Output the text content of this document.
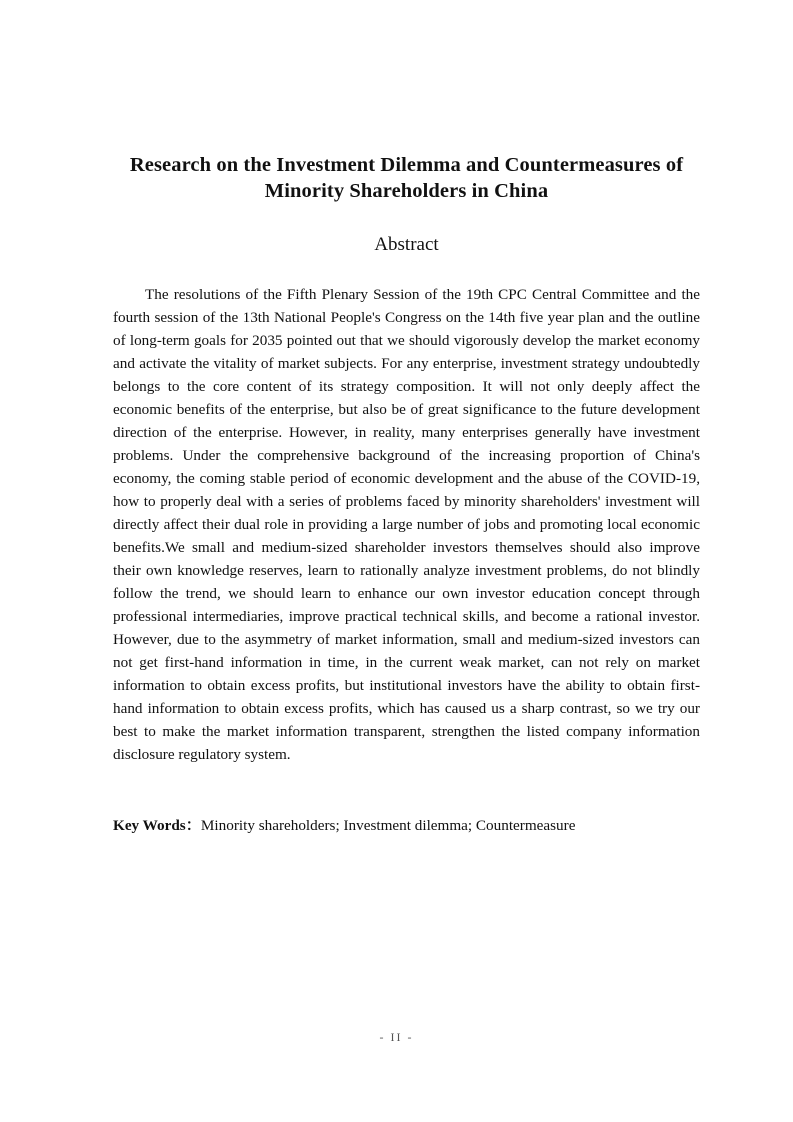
Research on the Investment Dilemma and Countermeasures of
Minority Shareholders in China
Abstract

The resolutions of the Fifth Plenary Session of the 19th CPC Central Committee and the fourth session of the 13th National People's Congress on the 14th five year plan and the outline of long-term goals for 2035 pointed out that we should vigorously develop the market economy and activate the vitality of market subjects. For any enterprise, investment strategy undoubtedly belongs to the core content of its strategy composition. It will not only deeply affect the economic benefits of the enterprise, but also be of great significance to the future development direction of the enterprise. However, in reality, many enterprises generally have investment problems. Under the comprehensive background of the increasing proportion of China's economy, the coming stable period of economic development and the abuse of the COVID-19, how to properly deal with a series of problems faced by minority shareholders' investment will directly affect their dual role in providing a large number of jobs and promoting local economic benefits.We small and medium-sized shareholder investors themselves should also improve their own knowledge reserves, learn to rationally analyze investment problems, do not blindly follow the trend, we should learn to enhance our own investor education concept through professional intermediaries, improve practical technical skills, and become a rational investor. However, due to the asymmetry of market information, small and medium-sized investors can not get first-hand information in time, in the current weak market, can not rely on market information to obtain excess profits, but institutional investors have the ability to obtain first-hand information to obtain excess profits, which has caused us a sharp contrast, so we try our best to make the market information transparent, strengthen the listed company information disclosure regulatory system.

Key Words：Minority shareholders; Investment dilemma; Countermeasure

- II -
